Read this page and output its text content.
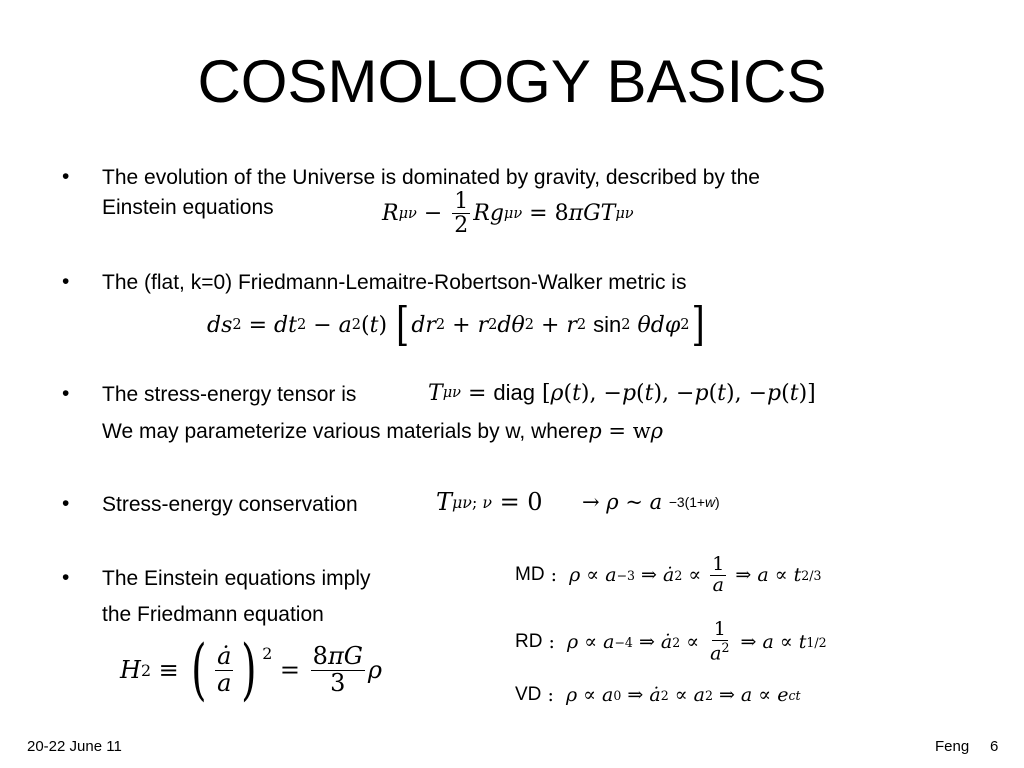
COSMOLOGY BASICS
• The evolution of the Universe is dominated by gravity, described by the
Einstein equations	R $\mu\nu - \frac{1}{2}$ Rg μν = 8 πGT μν
• The (flat, k=0) Friedmann-Lemaitre-Robertson-Walker metric is
ds 2 = dt 2 − a 2 ( t ) [ dr 2 + r 2 dθ 2 + r 2
sin 2
θdφ 2 ]
• The stress-energy tensor is	T μ ν = diag [ ρ ( t ), − p ( t ), − p ( t ), − p ( t )]
We may parameterize various materials by w, where p = wρ
• Stress-energy conservation	T μν ; ν = 0 → ρ ~ a
−3(1+w)
• The Einstein equations imply
the Friedmann equation
H 2 ≡ ( $\frac{ȧ}{a}$ ) $^2$
= $\frac{8\pi G}{3}$ ρ
MD : ρ ∝ a −3 ⇒ ȧ $2 \propto \frac{1}{a}$ ⇒ a ∝ t 2/3
RD : ρ ∝ a −4 ⇒ ȧ $2 \propto \frac{1}{a^2}$ ⇒ a ∝ t 1/2
VD : ρ ∝ a 0 ⇒ ȧ 2 ∝ a 2 ⇒ a ∝ e ct
20-22 June 11	Feng 6
